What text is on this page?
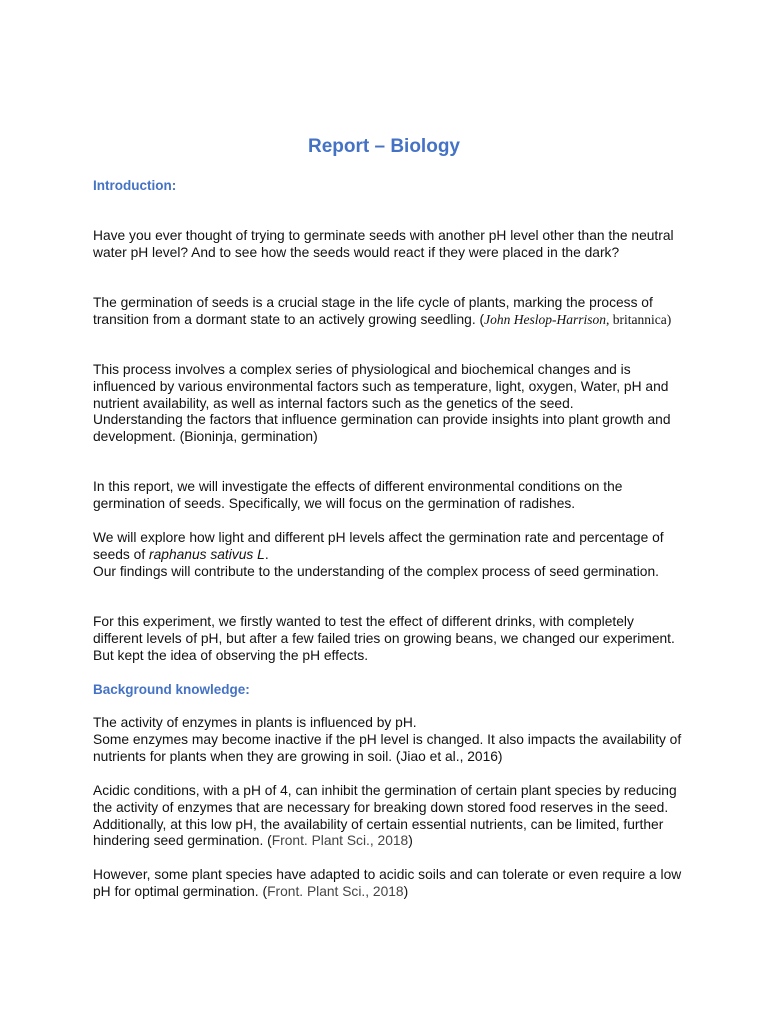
Report – Biology
Introduction:

Have you ever thought of trying to germinate seeds with another pH level other than the neutral water pH level? And to see how the seeds would react if they were placed in the dark?

The germination of seeds is a crucial stage in the life cycle of plants, marking the process of transition from a dormant state to an actively growing seedling. (John Heslop-Harrison, britannica)

This process involves a complex series of physiological and biochemical changes and is influenced by various environmental factors such as temperature, light, oxygen, Water, pH and nutrient availability, as well as internal factors such as the genetics of the seed.
Understanding the factors that influence germination can provide insights into plant growth and development. (Bioninja, germination)

In this report, we will investigate the effects of different environmental conditions on the germination of seeds. Specifically, we will focus on the germination of radishes.

We will explore how light and different pH levels affect the germination rate and percentage of seeds of raphanus sativus L.
Our findings will contribute to the understanding of the complex process of seed germination.

For this experiment, we firstly wanted to test the effect of different drinks, with completely different levels of pH, but after a few failed tries on growing beans, we changed our experiment. But kept the idea of observing the pH effects.

Background knowledge:
The activity of enzymes in plants is influenced by pH.
Some enzymes may become inactive if the pH level is changed. It also impacts the availability of nutrients for plants when they are growing in soil. (Jiao et al., 2016)

Acidic conditions, with a pH of 4, can inhibit the germination of certain plant species by reducing the activity of enzymes that are necessary for breaking down stored food reserves in the seed. Additionally, at this low pH, the availability of certain essential nutrients, can be limited, further hindering seed germination. (Front. Plant Sci., 2018)

However, some plant species have adapted to acidic soils and can tolerate or even require a low pH for optimal germination. (Front. Plant Sci., 2018)
